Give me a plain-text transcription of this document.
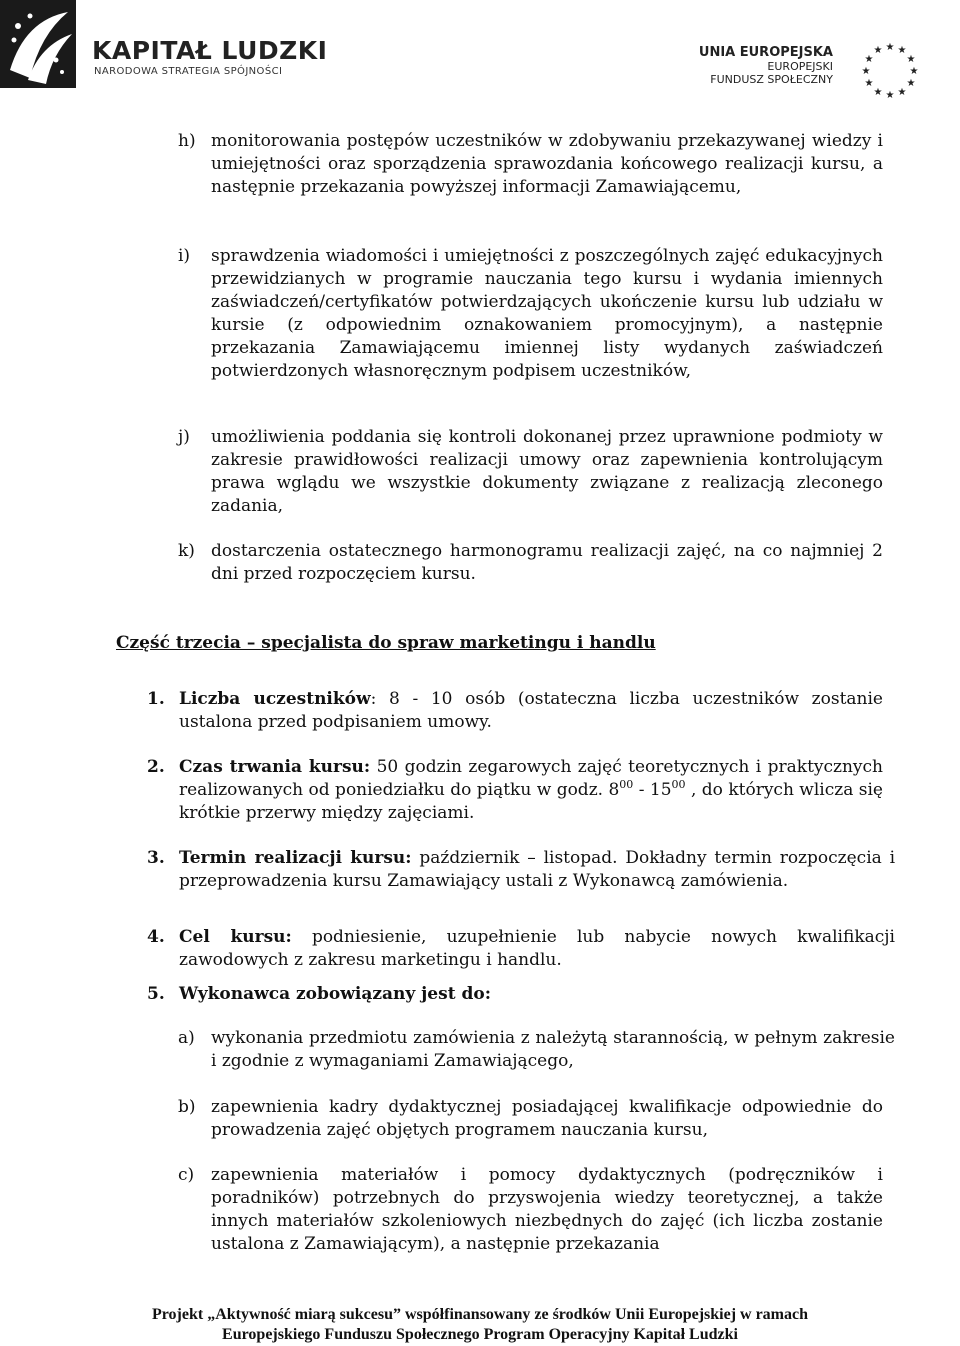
KAPITAŁ LUDZKI
NARODOWA STRATEGIA SPÓJNOŚCI
UNIA EUROPEJSKA
EUROPEJSKI
FUNDUSZ SPOŁECZNY
★ ★
★
★
★
★
★
★
★
★
★
★
h) monitorowania postępów uczestników w zdobywaniu przekazywanej wiedzy i umiejętności oraz sporządzenia sprawozdania końcowego realizacji kursu, a następnie przekazania powyższej informacji Zamawiającemu,
i) sprawdzenia wiadomości i umiejętności z poszczególnych zajęć edukacyjnych przewidzianych w programie nauczania tego kursu i wydania imiennych zaświadczeń/certyfikatów potwierdzających ukończenie kursu lub udziału w kursie (z odpowiednim oznakowaniem promocyjnym), a następnie przekazania Zamawiającemu imiennej listy wydanych zaświadczeń potwierdzonych własnoręcznym podpisem uczestników,
j) umożliwienia poddania się kontroli dokonanej przez uprawnione podmioty w zakresie prawidłowości realizacji umowy oraz zapewnienia kontrolującym prawa wglądu we wszystkie dokumenty związane z realizacją zleconego zadania,
k) dostarczenia ostatecznego harmonogramu realizacji zajęć, na co najmniej 2 dni przed rozpoczęciem kursu.
Część trzecia – specjalista do spraw marketingu i handlu
1. Liczba uczestników: 8 - 10 osób (ostateczna liczba uczestników zostanie ustalona przed podpisaniem umowy.
2. Czas trwania kursu: 50 godzin zegarowych zajęć teoretycznych i praktycznych realizowanych od poniedziałku do piątku w godz. $8^{00} - 15^{00}$ , do których wlicza się krótkie przerwy między zajęciami.
3. Termin realizacji kursu: październik – listopad. Dokładny termin rozpoczęcia i przeprowadzenia kursu Zamawiający ustali z Wykonawcą zamówienia.
4. Cel kursu: podniesienie, uzupełnienie lub nabycie nowych kwalifikacji zawodowych z zakresu marketingu i handlu.
5. Wykonawca zobowiązany jest do:
a) wykonania przedmiotu zamówienia z należytą starannością, w pełnym zakresie i zgodnie z wymaganiami Zamawiającego,
b) zapewnienia kadry dydaktycznej posiadającej kwalifikacje odpowiednie do prowadzenia zajęć objętych programem nauczania kursu,
c) zapewnienia materiałów i pomocy dydaktycznych (podręczników i poradników) potrzebnych do przyswojenia wiedzy teoretycznej, a także innych materiałów szkoleniowych niezbędnych do zajęć (ich liczba zostanie ustalona z Zamawiającym), a następnie przekazania
Projekt „Aktywność miarą sukcesu” współfinansowany ze środków Unii Europejskiej w ramach
Europejskiego Funduszu Społecznego Program Operacyjny Kapitał Ludzki
